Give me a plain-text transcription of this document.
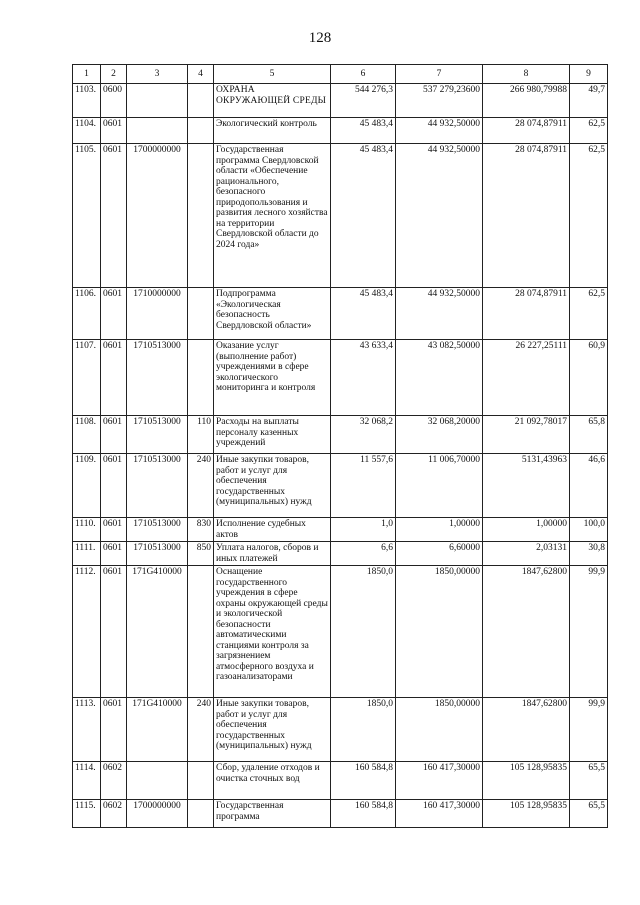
128
1	2	3	4	5	6	7	8	9
1103.	0600			ОХРАНА ОКРУЖАЮЩЕЙ СРЕДЫ	544 276,3	537 279,23600	266 980,79988	49,7
1104.	0601			Экологический контроль	45 483,4	44 932,50000	28 074,87911	62,5
1105.	0601	1700000000		Государственная программа Свердловской области «Обеспечение рационального, безопасного природопользования и развития лесного хозяйства на территории Свердловской области до 2024 года»	45 483,4	44 932,50000	28 074,87911	62,5
1106.	0601	1710000000		Подпрограмма «Экологическая безопасность Свердловской области»	45 483,4	44 932,50000	28 074,87911	62,5
1107.	0601	1710513000		Оказание услуг (выполнение работ) учреждениями в сфере экологического мониторинга и контроля	43 633,4	43 082,50000	26 227,25111	60,9
1108.	0601	1710513000	110	Расходы на выплаты персоналу казенных учреждений	32 068,2	32 068,20000	21 092,78017	65,8
1109.	0601	1710513000	240	Иные закупки товаров, работ и услуг для обеспечения государственных (муниципальных) нужд	11 557,6	11 006,70000	5131,43963	46,6
1110.	0601	1710513000	830	Исполнение судебных актов	1,0	1,00000	1,00000	100,0
1111.	0601	1710513000	850	Уплата налогов, сборов и иных платежей	6,6	6,60000	2,03131	30,8
1112.	0601	171G410000		Оснащение государственного учреждения в сфере охраны окружающей среды и экологической безопасности автоматическими станциями контроля за загрязнением атмосферного воздуха и газоанализаторами	1850,0	1850,00000	1847,62800	99,9
1113.	0601	171G410000	240	Иные закупки товаров, работ и услуг для обеспечения государственных (муниципальных) нужд	1850,0	1850,00000	1847,62800	99,9
1114.	0602			Сбор, удаление отходов и очистка сточных вод	160 584,8	160 417,30000	105 128,95835	65,5
1115.	0602	1700000000		Государственная программа	160 584,8	160 417,30000	105 128,95835	65,5
